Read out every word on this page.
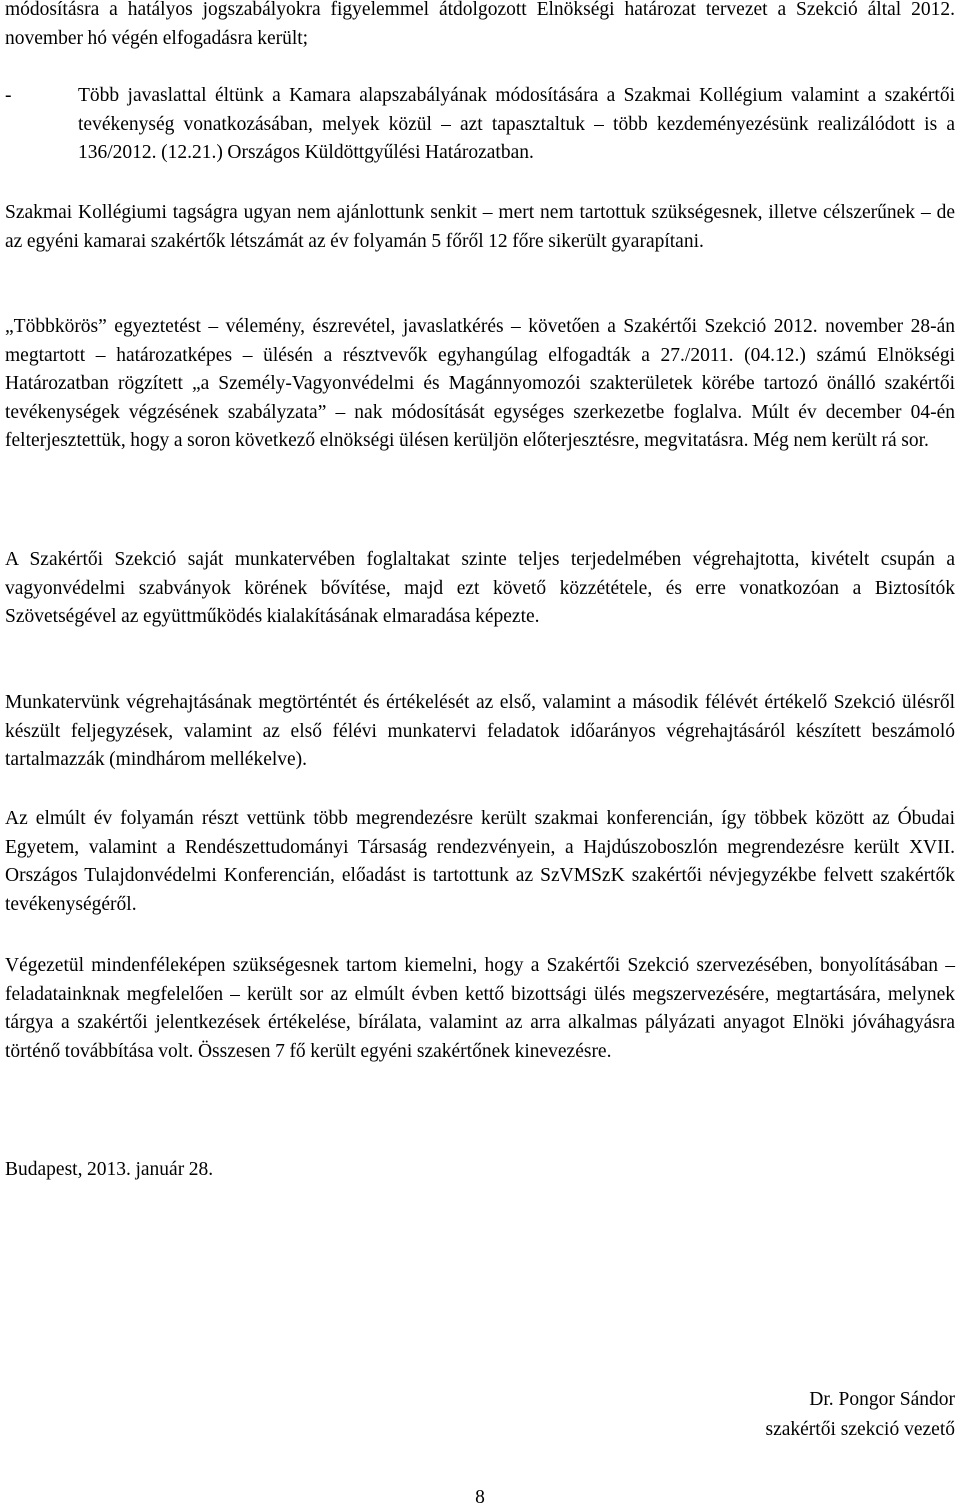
módosításra a hatályos jogszabályokra figyelemmel átdolgozott Elnökségi határozat tervezet a Szekció által 2012. november hó végén elfogadásra került;
-	Több javaslattal éltünk a Kamara alapszabályának módosítására a Szakmai Kollégium valamint a szakértői tevékenység vonatkozásában, melyek közül – azt tapasztaltuk – több kezdeményezésünk realizálódott is a 136/2012. (12.21.) Országos Küldöttgyűlési Határozatban.
Szakmai Kollégiumi tagságra ugyan nem ajánlottunk senkit – mert nem tartottuk szükségesnek, illetve célszerűnek – de az egyéni kamarai szakértők létszámát az év folyamán 5 főről 12 főre sikerült gyarapítani.
„Többkörös” egyeztetést – vélemény, észrevétel, javaslatkérés – követően a Szakértői Szekció 2012. november 28-án megtartott – határozatképes – ülésén a résztvevők egyhangúlag elfogadták a 27./2011. (04.12.) számú Elnökségi Határozatban rögzített „a Személy-Vagyonvédelmi és Magánnyomozói szakterületek körébe tartozó önálló szakértői tevékenységek végzésének szabályzata” – nak módosítását egységes szerkezetbe foglalva. Múlt év december 04-én felterjesztettük, hogy a soron következő elnökségi ülésen kerüljön előterjesztésre, megvitatásra. Még nem került rá sor.
A Szakértői Szekció saját munkatervében foglaltakat szinte teljes terjedelmében végrehajtotta, kivételt csupán a vagyonvédelmi szabványok körének bővítése, majd ezt követő közzététele, és erre vonatkozóan a Biztosítók Szövetségével az együttműködés kialakításának elmaradása képezte.
Munkatervünk végrehajtásának megtörténtét és értékelését az első, valamint a második félévét értékelő Szekció ülésről készült feljegyzések, valamint az első félévi munkatervi feladatok időarányos végrehajtásáról készített beszámoló tartalmazzák (mindhárom mellékelve).
Az elmúlt év folyamán részt vettünk több megrendezésre került szakmai konferencián, így többek között az Óbudai Egyetem, valamint a Rendészettudományi Társaság rendezvényein, a Hajdúszoboszlón megrendezésre került XVII. Országos Tulajdonvédelmi Konferencián, előadást is tartottunk az SzVMSzK szakértői névjegyzékbe felvett szakértők tevékenységéről.
Végezetül mindenféleképen szükségesnek tartom kiemelni, hogy a Szakértői Szekció szervezésében, bonyolításában – feladatainknak megfelelően – került sor az elmúlt évben kettő bizottsági ülés megszervezésére, megtartására, melynek tárgya a szakértői jelentkezések értékelése, bírálata, valamint az arra alkalmas pályázati anyagot Elnöki jóváhagyásra történő továbbítása volt. Összesen 7 fő került egyéni szakértőnek kinevezésre.
Budapest, 2013. január 28.
Dr. Pongor Sándor
szakértői szekció vezető
8
